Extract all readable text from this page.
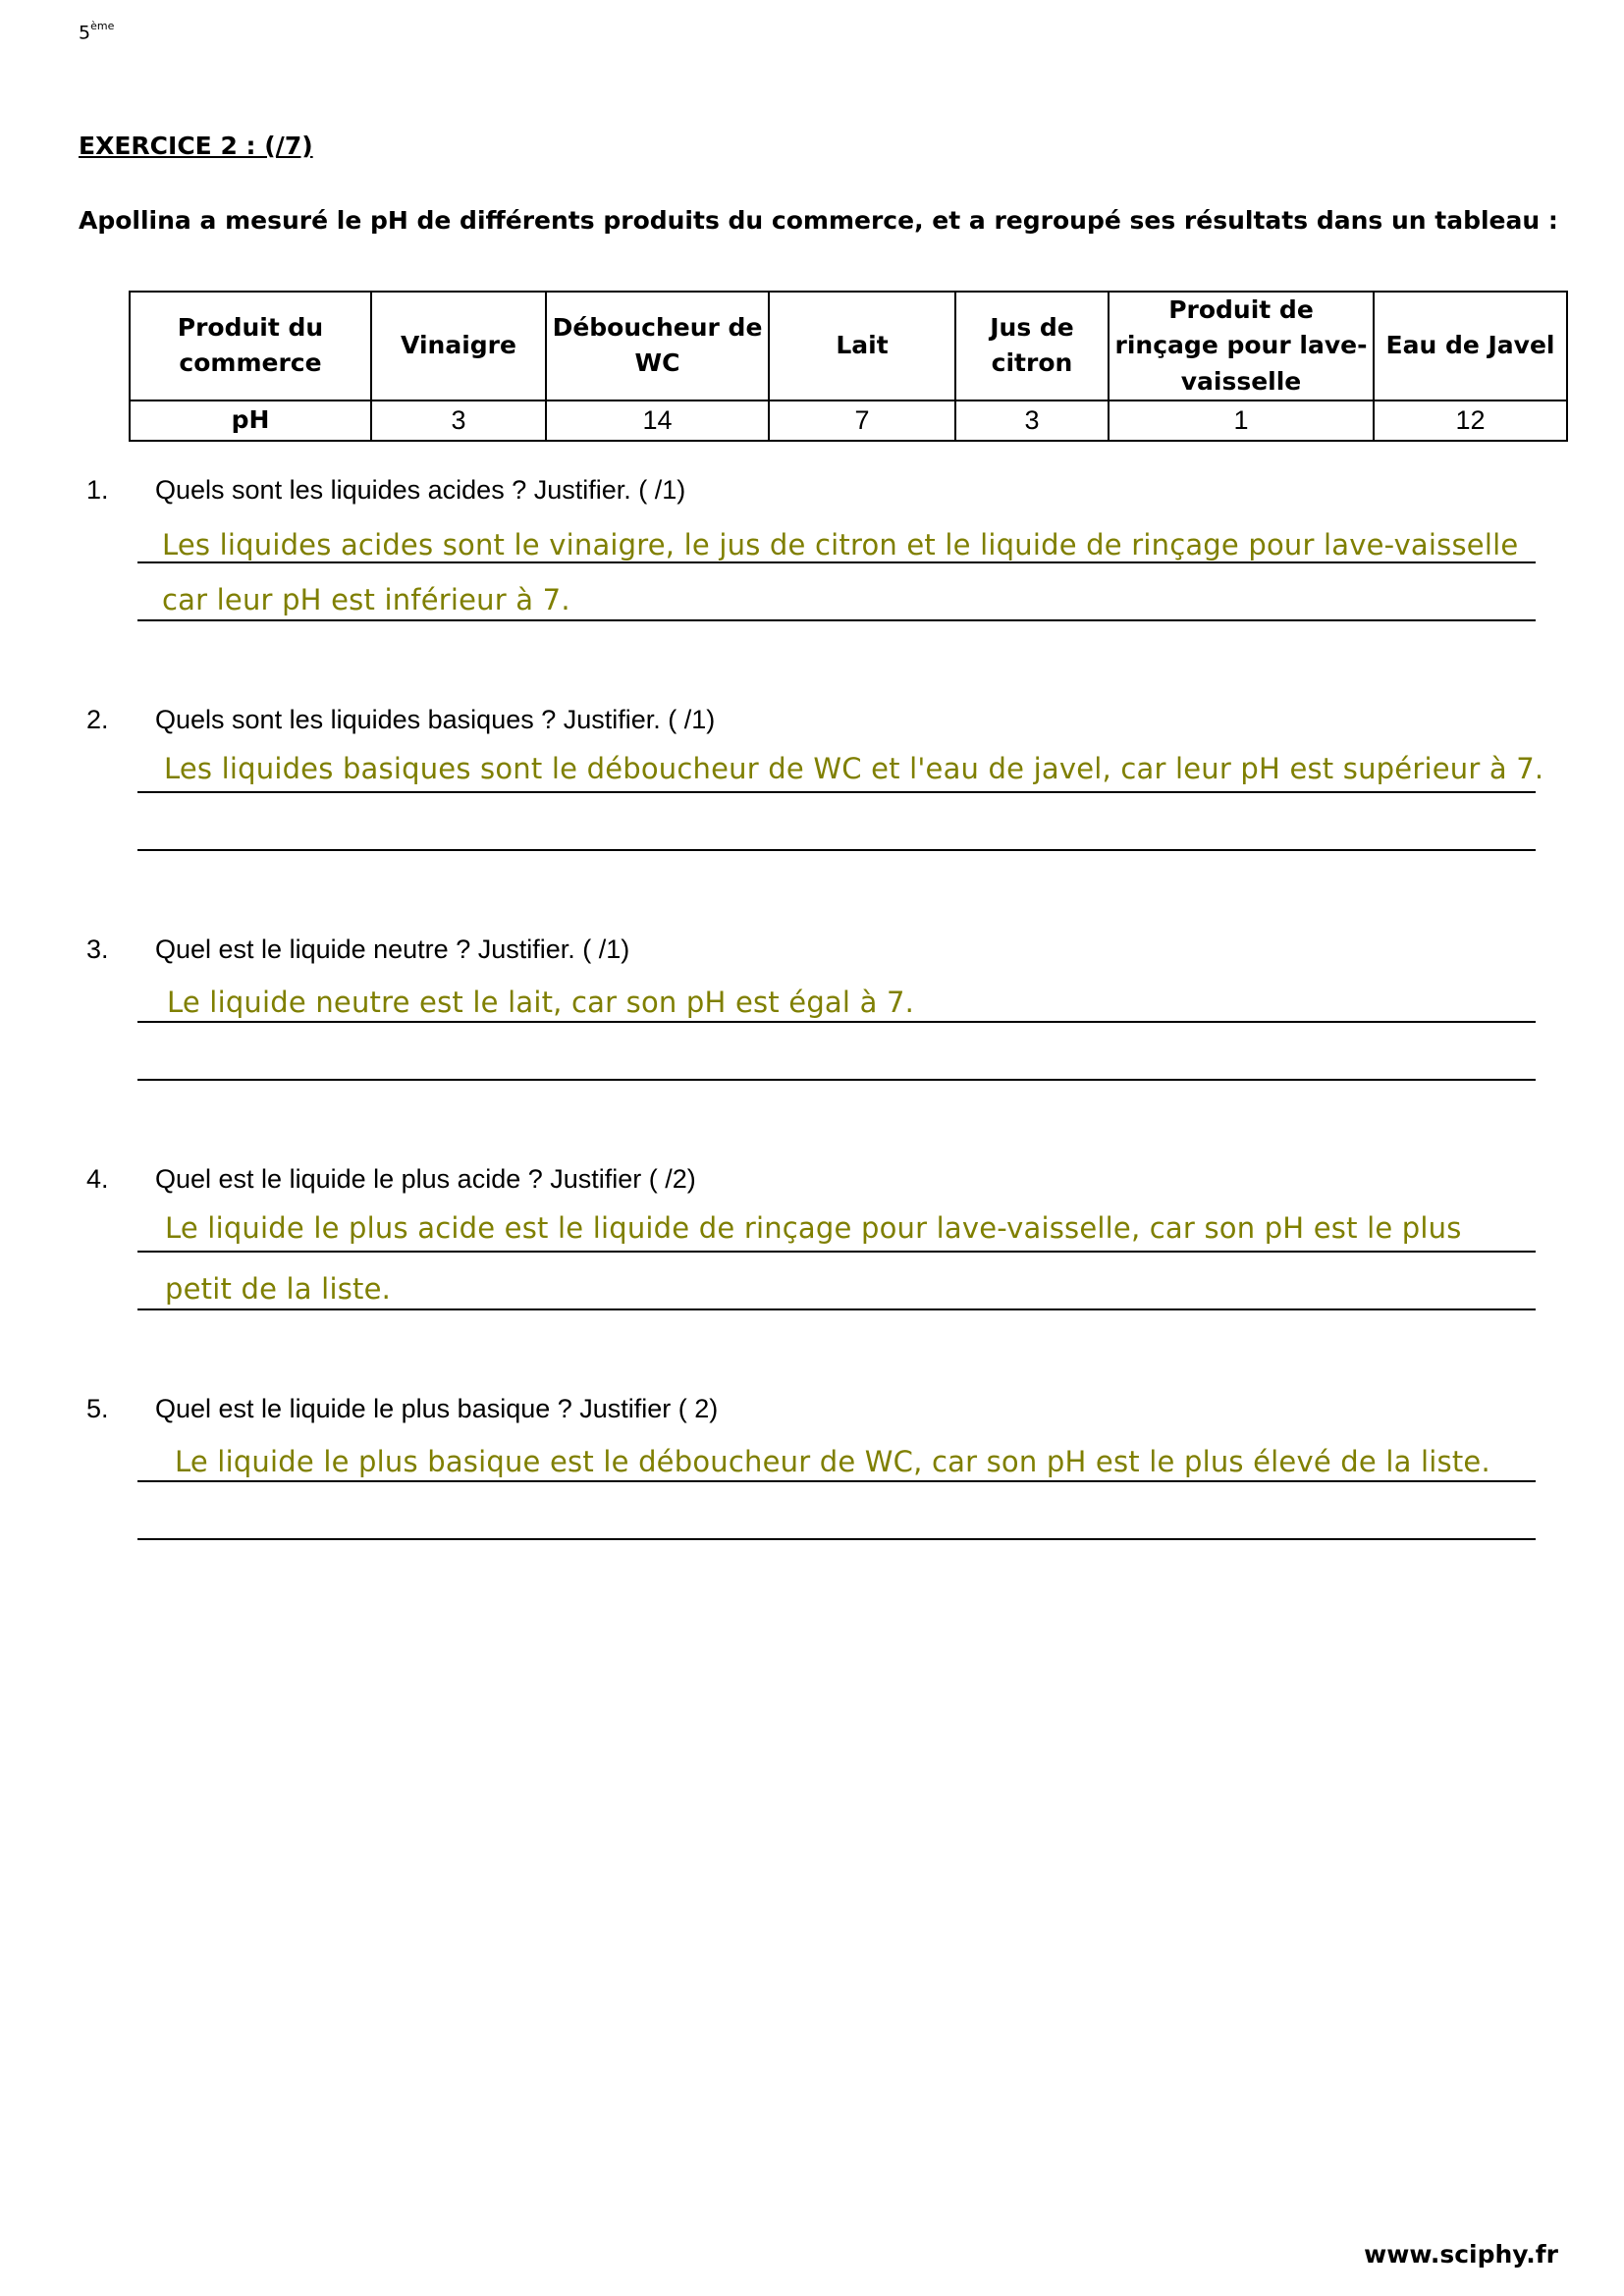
5ème
EXERCICE 2 : (/7)
Apollina a mesuré le pH de différents produits du commerce, et a regroupé ses résultats dans un tableau :
Produit du commerce	Vinaigre	Déboucheur de WC	Lait	Jus de citron	Produit de rinçage pour lave-vaisselle	Eau de Javel
pH	3	14	7	3	1	12
1. Quels sont les liquides acides ? Justifier. ( /1)
Les liquides acides sont le vinaigre, le jus de citron et le liquide de rinçage pour lave-vaisselle
car leur pH est inférieur à 7.
2. Quels sont les liquides basiques ? Justifier. ( /1)
Les liquides basiques sont le déboucheur de WC et l'eau de javel, car leur pH est supérieur à 7.
3. Quel est le liquide neutre ? Justifier. ( /1)
Le liquide neutre est le lait, car son pH est égal à 7.
4. Quel est le liquide le plus acide ? Justifier ( /2)
Le liquide le plus acide est le liquide de rinçage pour lave-vaisselle, car son pH est le plus
petit de la liste.
5. Quel est le liquide le plus basique ? Justifier ( 2)
Le liquide le plus basique est le déboucheur de WC, car son pH est le plus élevé de la liste.
www.sciphy.fr
